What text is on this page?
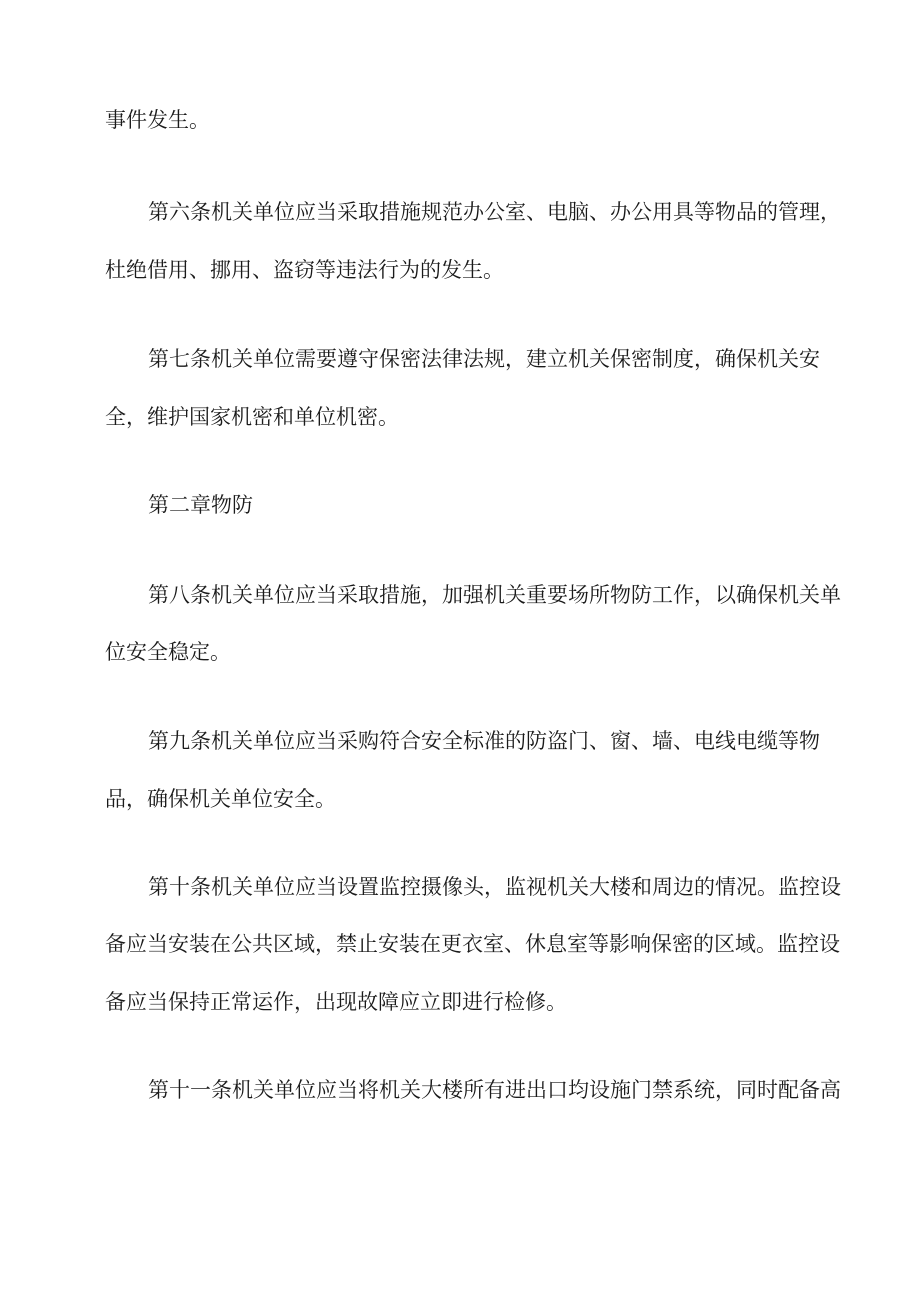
事件发生。

第六条机关单位应当采取措施规范办公室、电脑、办公用具等物品的管理，

杜绝借用、挪用、盗窃等违法行为的发生。

第七条机关单位需要遵守保密法律法规，建立机关保密制度，确保机关安

全，维护国家机密和单位机密。

第二章物防

第八条机关单位应当采取措施，加强机关重要场所物防工作，以确保机关单

位安全稳定。

第九条机关单位应当采购符合安全标准的防盗门、窗、墙、电线电缆等物

品，确保机关单位安全。

第十条机关单位应当设置监控摄像头，监视机关大楼和周边的情况。监控设

备应当安装在公共区域，禁止安装在更衣室、休息室等影响保密的区域。监控设

备应当保持正常运作，出现故障应立即进行检修。

第十一条机关单位应当将机关大楼所有进出口均设施门禁系统，同时配备高
